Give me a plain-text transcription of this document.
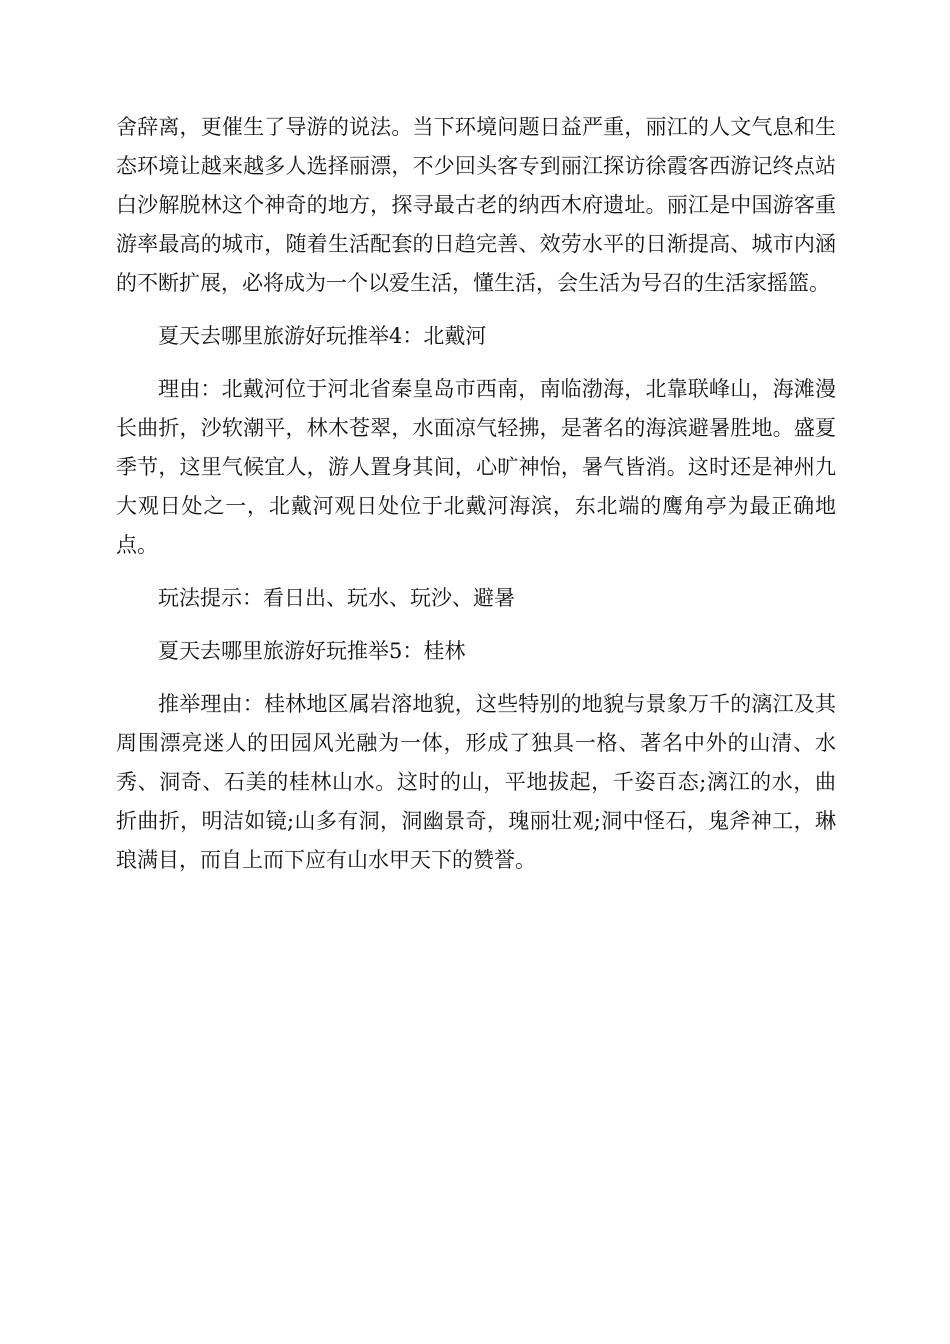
舍辞离，更催生了导游的说法。当下环境问题日益严重，丽江的人文气息和生态环境让越来越多人选择丽漂，不少回头客专到丽江探访徐霞客西游记终点站白沙解脱林这个神奇的地方，探寻最古老的纳西木府遗址。丽江是中国游客重游率最高的城市，随着生活配套的日趋完善、效劳水平的日渐提高、城市内涵的不断扩展，必将成为一个以爱生活，懂生活，会生活为号召的生活家摇篮。

夏天去哪里旅游好玩推举4：北戴河

理由：北戴河位于河北省秦皇岛市西南，南临渤海，北靠联峰山，海滩漫长曲折，沙软潮平，林木苍翠，水面凉气轻拂，是著名的海滨避暑胜地。盛夏季节，这里气候宜人，游人置身其间，心旷神怡，暑气皆消。这时还是神州九大观日处之一，北戴河观日处位于北戴河海滨，东北端的鹰角亭为最正确地点。

玩法提示：看日出、玩水、玩沙、避暑

夏天去哪里旅游好玩推举5：桂林

推举理由：桂林地区属岩溶地貌，这些特别的地貌与景象万千的漓江及其周围漂亮迷人的田园风光融为一体，形成了独具一格、著名中外的山清、水秀、洞奇、石美的桂林山水。这时的山，平地拔起，千姿百态;漓江的水，曲折曲折，明洁如镜;山多有洞，洞幽景奇，瑰丽壮观;洞中怪石，鬼斧神工，琳琅满目，而自上而下应有山水甲天下的赞誉。
